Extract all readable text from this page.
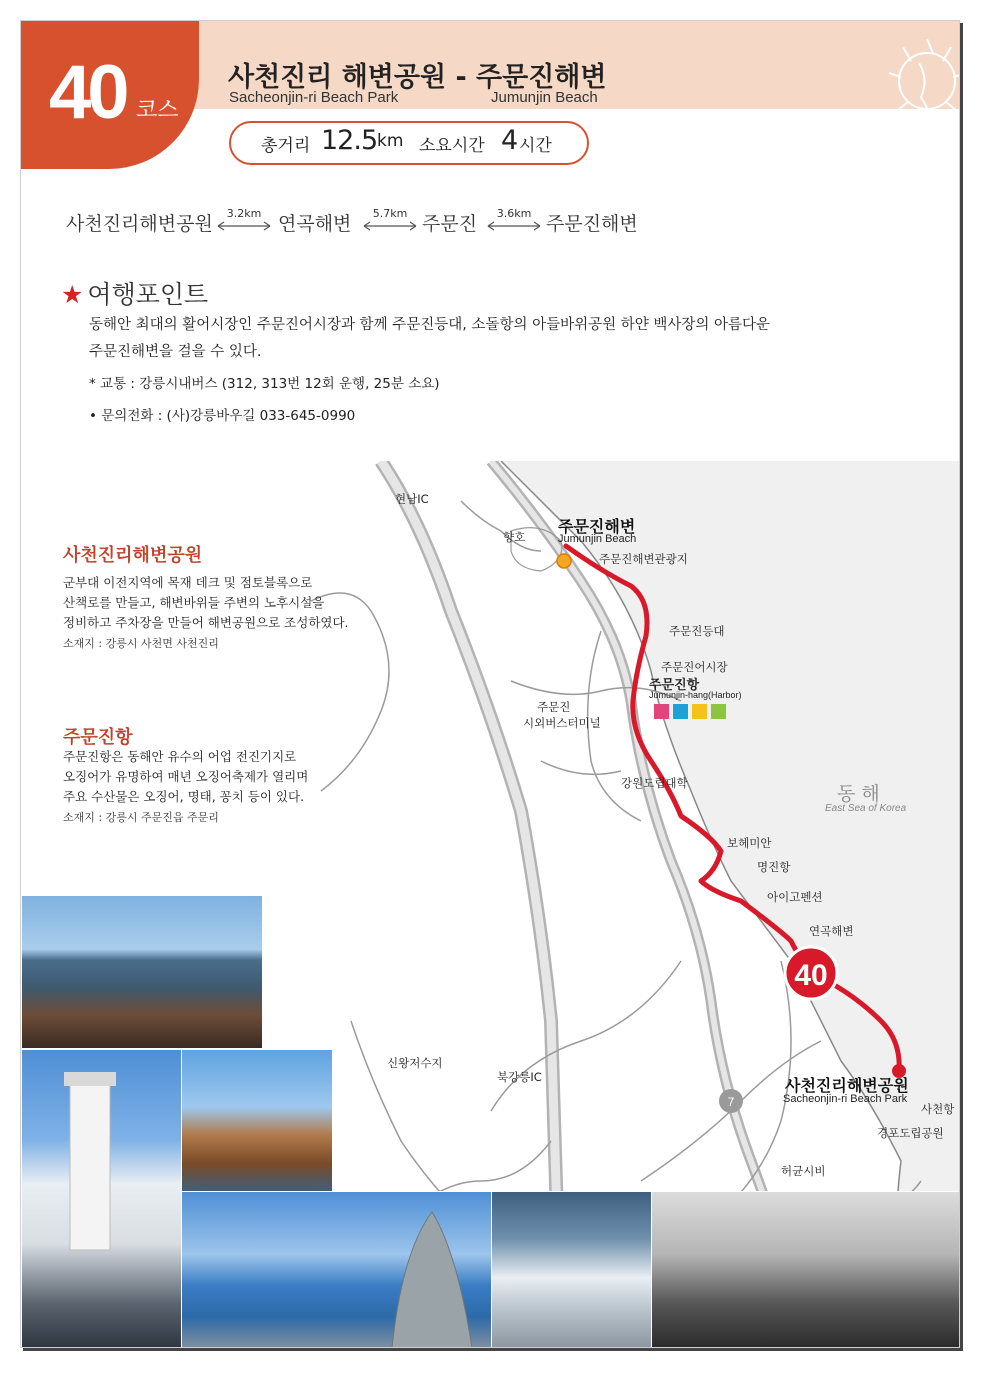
40 코스
사천진리 해변공원 - 주문진해변
Sacheonjin-ri Beach Park	Jumunjin Beach
총거리 12.5 km 소요시간 4 시간
사천진리해변공원	3.2km 연곡해변	5.7km 주문진	3.6km 주문진해변
★ 여행포인트
동해안 최대의 활어시장인 주문진어시장과 함께 주문진등대, 소돌항의 아들바위공원 하얀 백사장의 아름다운
주문진해변을 걸을 수 있다.
* 교통 : 강릉시내버스 (312, 313번 12회 운행, 25분 소요)
• 문의전화 : (사)강릉바우길 033-645-0990
40
7
현남IC
향호
주문진해변
Jumunjin Beach
주문진해변관광지
주문진등대
주문진어시장
주문진항
Jumunjin-hang(Harbor)
주문진
시외버스터미널
강원도립대학	동 해
East Sea of Korea
보헤미안
명진항
아이고펜션
연곡해변
사천진리해변공원
Sacheonjin-ri Beach Park
사천항
경포도립공원
신왕저수지
북강릉IC
허균시비
사천진리해변공원
군부대 이전지역에 목재 데크 및 점토블록으로
산책로를 만들고, 해변바위들 주변의 노후시설을
정비하고 주차장을 만들어 해변공원으로 조성하였다.
소재지 : 강릉시 사천면 사천진리
주문진항
주문진항은 동해안 유수의 어업 전진기지로
오징어가 유명하여 매년 오징어축제가 열리며
주요 수산물은 오징어, 명태, 꽁치 등이 있다.
소재지 : 강릉시 주문진읍 주문리
